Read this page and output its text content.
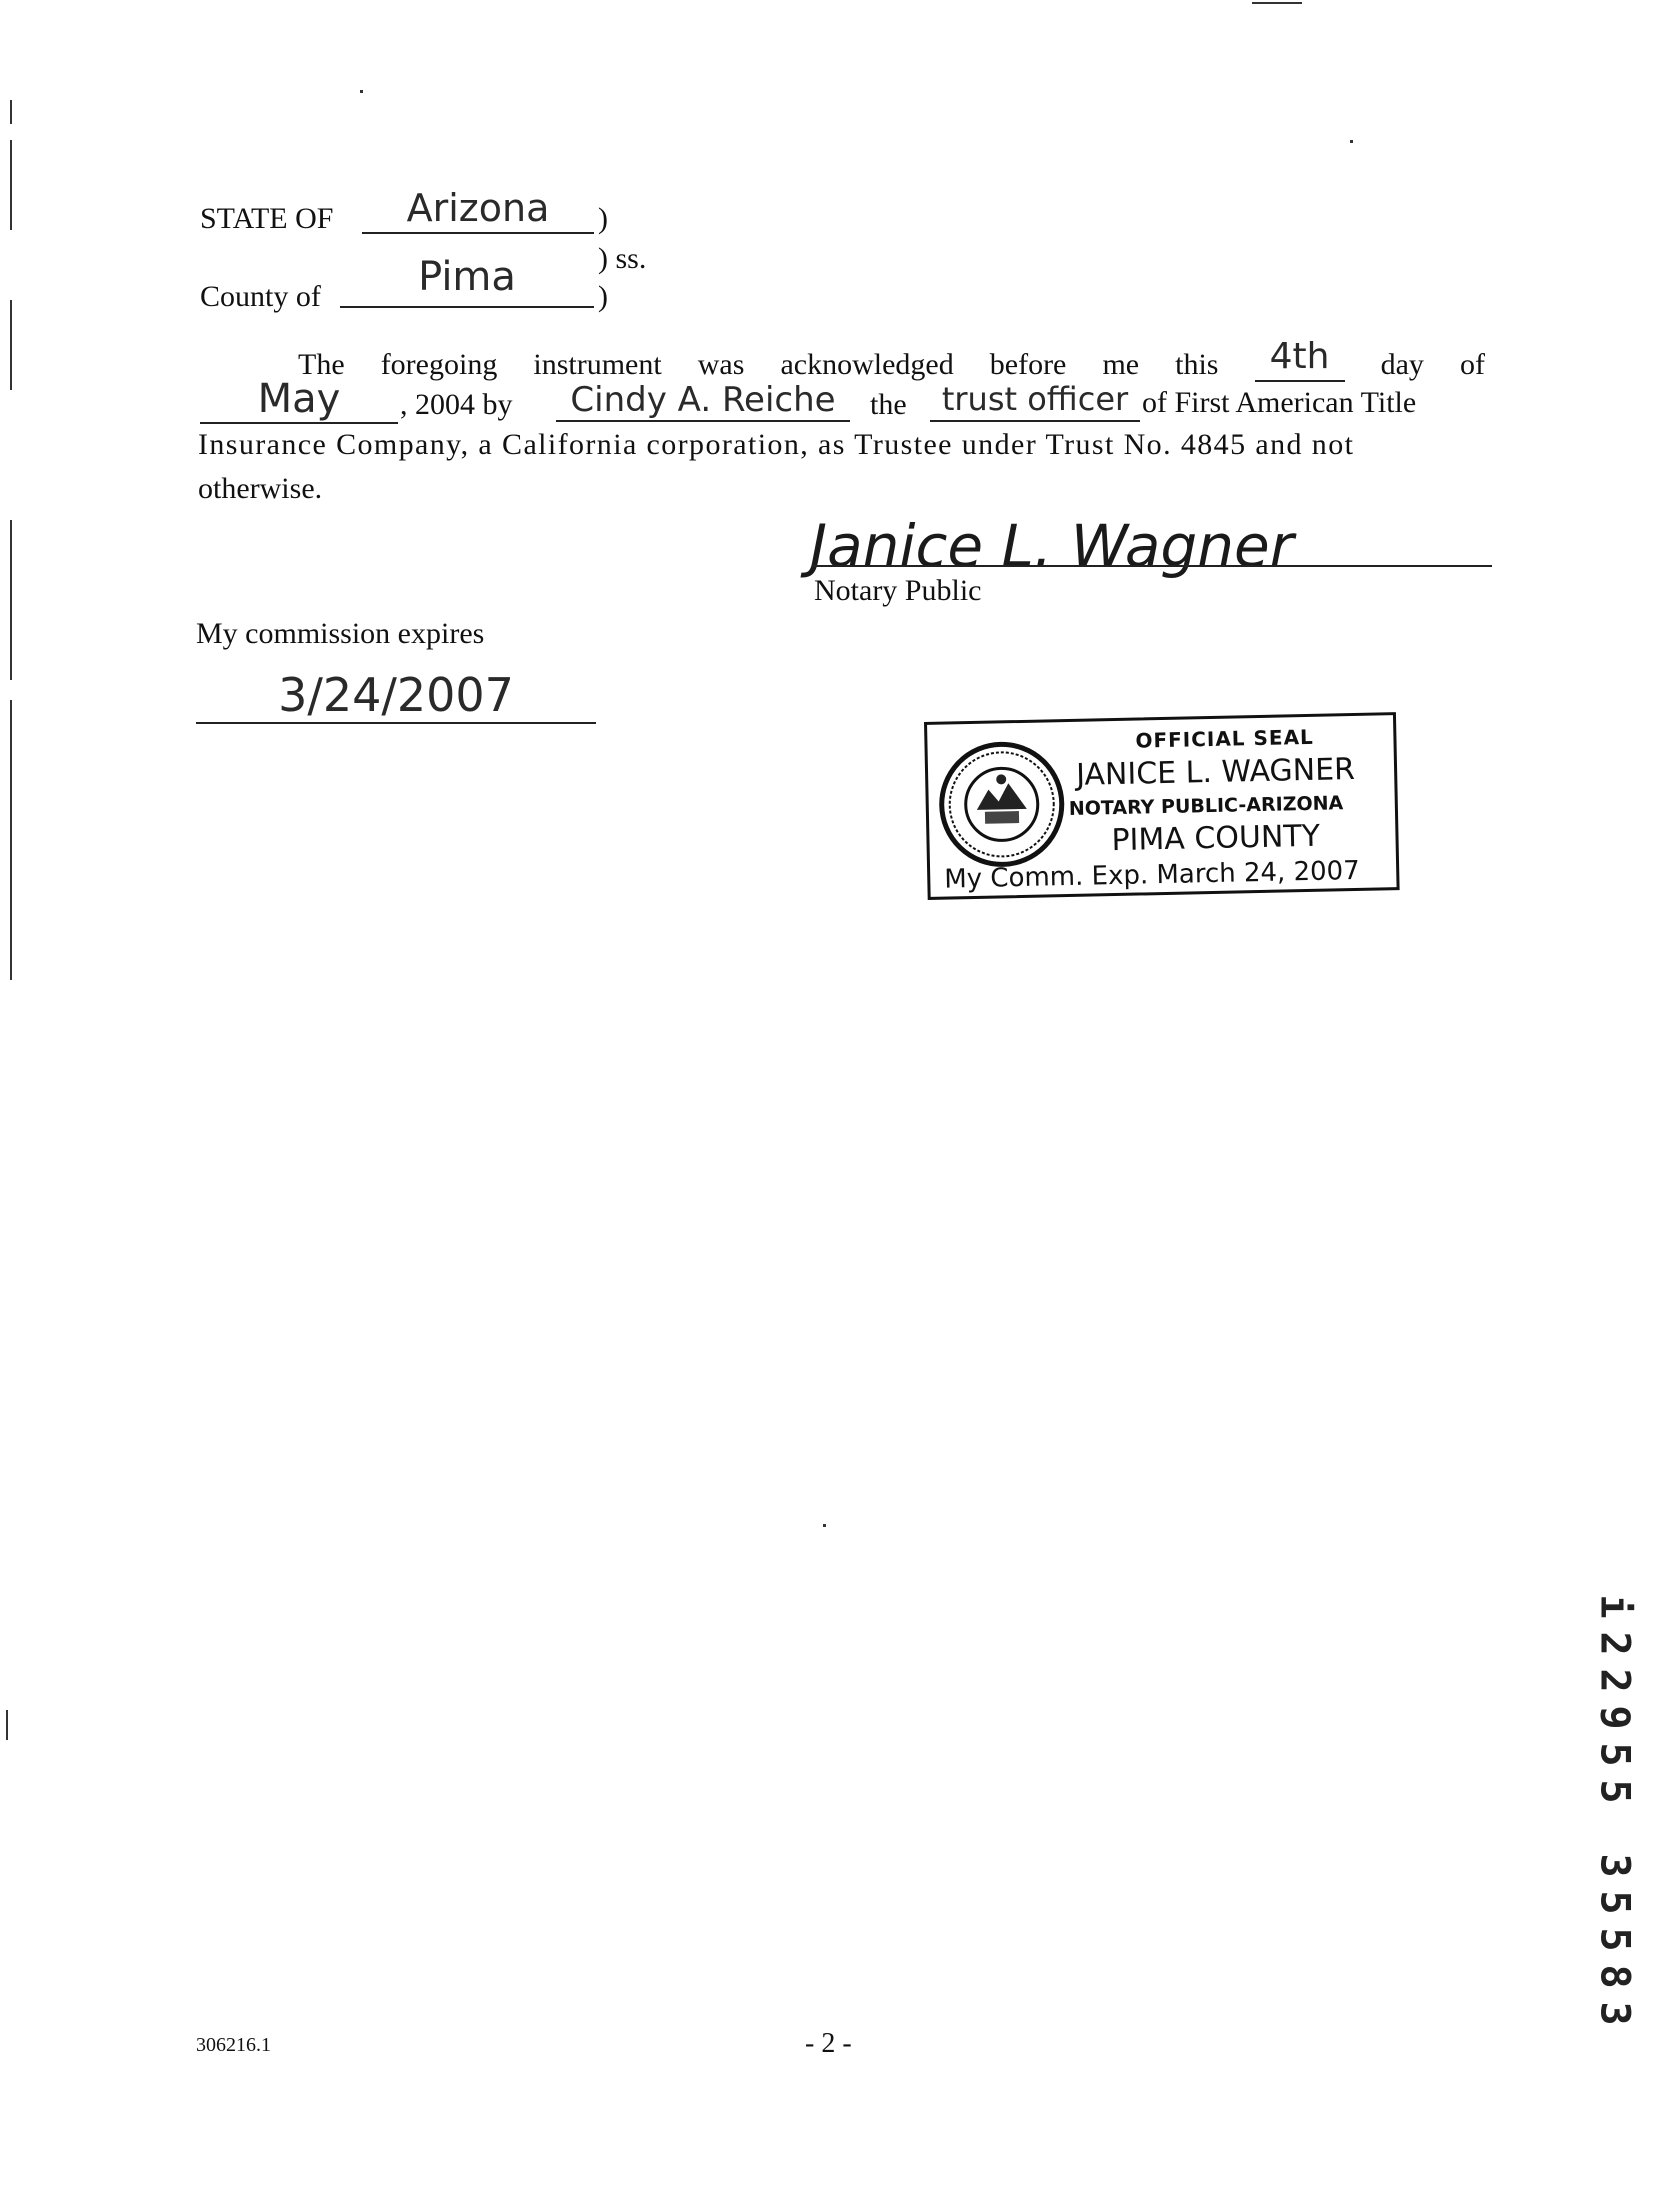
STATE OF	Arizona	)
) ss.
County of	Pima	)
The foregoing instrument was acknowledged before me this	4th	day of
May	, 2004 by	Cindy A. Reiche	the	trust officer of First American Title
Insurance Company, a California corporation, as Trustee under Trust No. 4845 and not
otherwise.
Janice L. Wagner
Notary Public
My commission expires
3/24/2007
OFFICIAL SEAL
JANICE L. WAGNER
NOTARY PUBLIC-ARIZONA
PIMA COUNTY
My Comm. Exp. March 24, 2007
i
2
2
9
5
5
3
5
5
8
3
306216.1	- 2 -
